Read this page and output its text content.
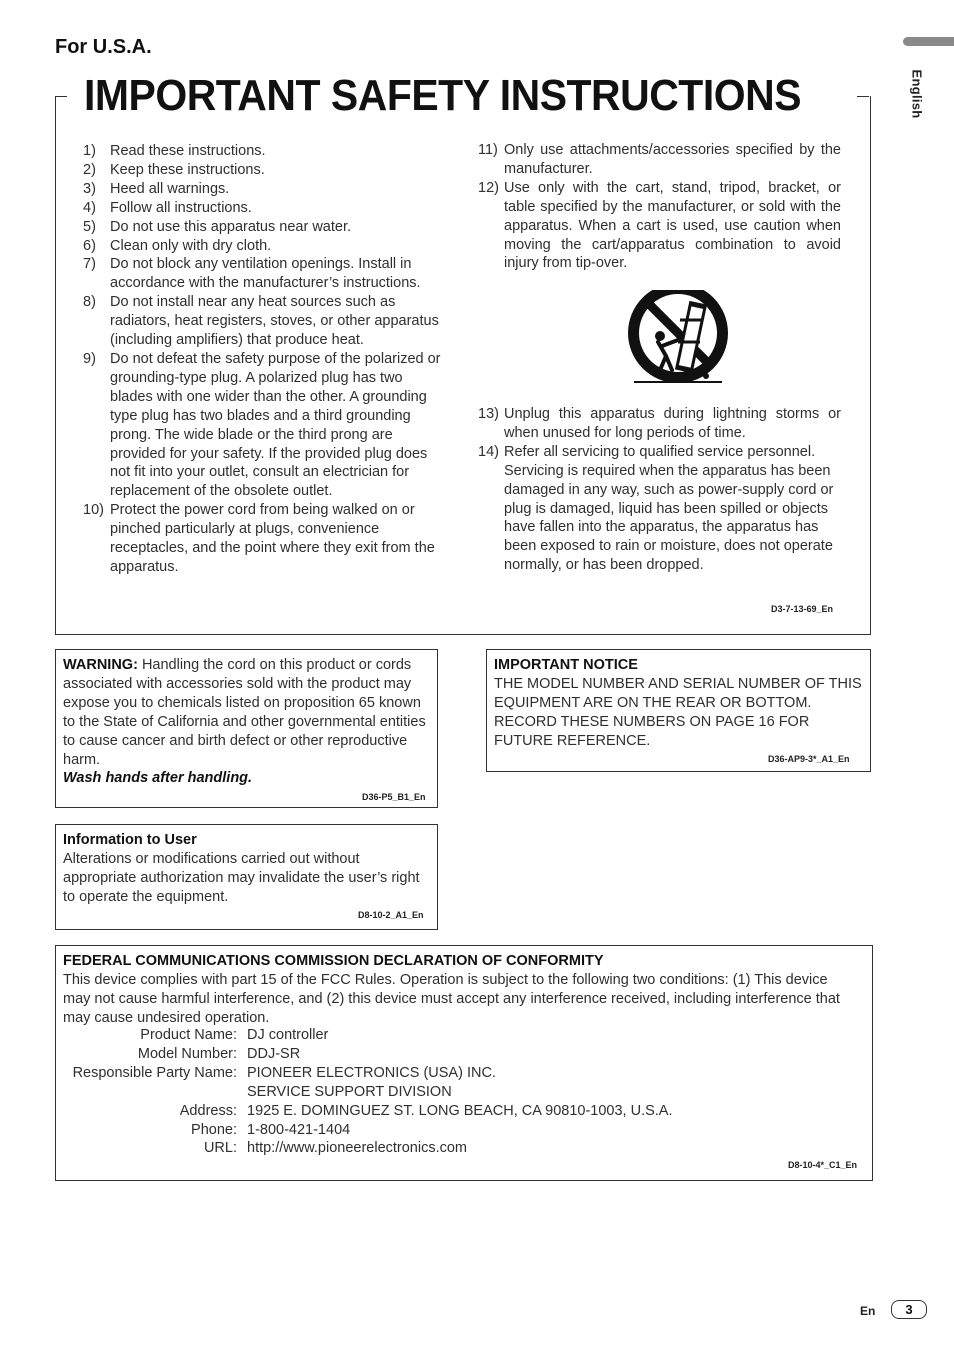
English
For U.S.A.
IMPORTANT SAFETY INSTRUCTIONS
1) Read these instructions.
2) Keep these instructions.
3) Heed all warnings.
4) Follow all instructions.
5) Do not use this apparatus near water.
6) Clean only with dry cloth.
7) Do not block any ventilation openings. Install in accordance with the manufacturer’s instructions.
8) Do not install near any heat sources such as radiators, heat registers, stoves, or other apparatus (including amplifiers) that produce heat.
9) Do not defeat the safety purpose of the polarized or grounding-type plug. A polarized plug has two blades with one wider than the other. A grounding type plug has two blades and a third grounding prong. The wide blade or the third prong are provided for your safety. If the provided plug does not fit into your outlet, consult an electrician for replacement of the obsolete outlet.
10) Protect the power cord from being walked on or pinched particularly at plugs, convenience receptacles, and the point where they exit from the apparatus.
11) Only use attachments/accessories specified by the manufacturer.
12) Use only with the cart, stand, tripod, bracket, or table specified by the manufacturer, or sold with the apparatus. When a cart is used, use caution when moving the cart/apparatus combination to avoid injury from tip-over.
13) Unplug this apparatus during lightning storms or when unused for long periods of time.
14) Refer all servicing to qualified service personnel. Servicing is required when the apparatus has been damaged in any way, such as power-supply cord or plug is damaged, liquid has been spilled or objects have fallen into the apparatus, the apparatus has been exposed to rain or moisture, does not operate normally, or has been dropped.
D3-7-13-69_En
WARNING: Handling the cord on this product or cords associated with accessories sold with the product may expose you to chemicals listed on proposition 65 known to the State of California and other governmental entities to cause cancer and birth defect or other reproductive harm.
Wash hands after handling.
D36-P5_B1_En
IMPORTANT NOTICE
THE MODEL NUMBER AND SERIAL NUMBER OF THIS EQUIPMENT ARE ON THE REAR OR BOTTOM. RECORD THESE NUMBERS ON PAGE 16 FOR FUTURE REFERENCE.
D36-AP9-3*_A1_En
Information to User
Alterations or modifications carried out without appropriate authorization may invalidate the user’s right to operate the equipment.
D8-10-2_A1_En
FEDERAL COMMUNICATIONS COMMISSION DECLARATION OF CONFORMITY
This device complies with part 15 of the FCC Rules. Operation is subject to the following two conditions: (1) This device may not cause harmful interference, and (2) this device must accept any interference received, including interference that may cause undesired operation.
Product Name: DJ controller
Model Number: DDJ-SR
Responsible Party Name: PIONEER ELECTRONICS (USA) INC.
SERVICE SUPPORT DIVISION
Address: 1925 E. DOMINGUEZ ST. LONG BEACH, CA 90810-1003, U.S.A.
Phone: 1-800-421-1404
URL: http://www.pioneerelectronics.com
D8-10-4*_C1_En
En	3
